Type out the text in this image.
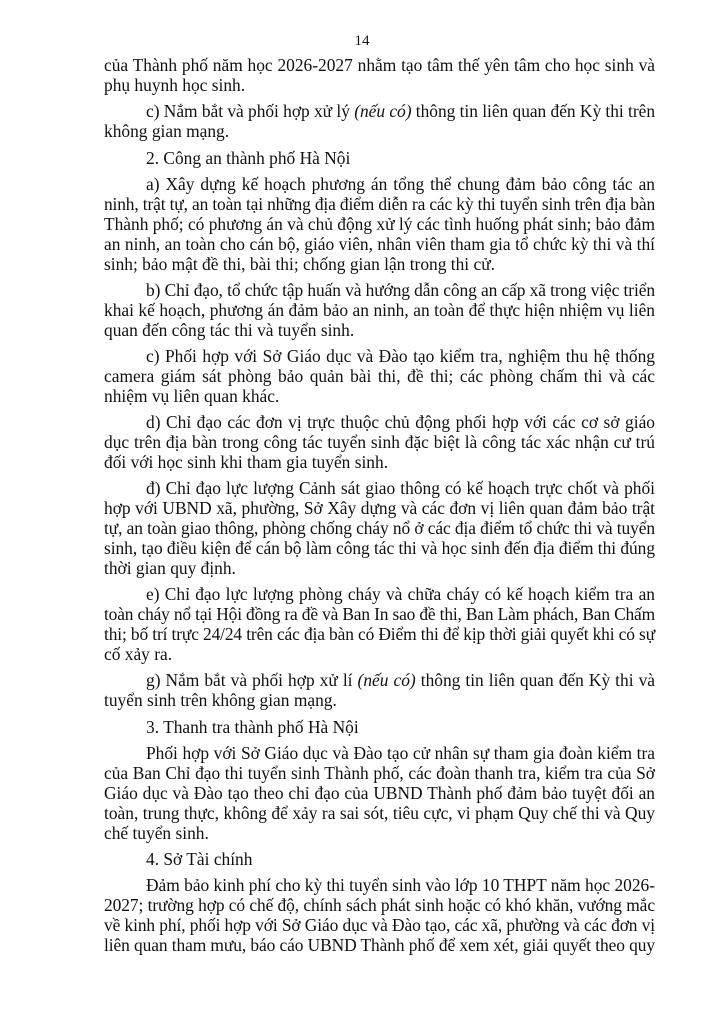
14

của Thành phố năm học 2026-2027 nhằm tạo tâm thế yên tâm cho học sinh và
phụ huynh học sinh.

c) Nắm bắt và phối hợp xử lý (nếu có) thông tin liên quan đến Kỳ thi trên
không gian mạng.

2. Công an thành phố Hà Nội

a) Xây dựng kế hoạch phương án tổng thể chung đảm bảo công tác an
ninh, trật tự, an toàn tại những địa điểm diễn ra các kỳ thi tuyển sinh trên địa bàn
Thành phố; có phương án và chủ động xử lý các tình huống phát sinh; bảo đảm
an ninh, an toàn cho cán bộ, giáo viên, nhân viên tham gia tổ chức kỳ thi và thí
sinh; bảo mật đề thi, bài thi; chống gian lận trong thi cử.

b) Chỉ đạo, tổ chức tập huấn và hướng dẫn công an cấp xã trong việc triển
khai kế hoạch, phương án đảm bảo an ninh, an toàn để thực hiện nhiệm vụ liên
quan đến công tác thi và tuyển sinh.

c) Phối hợp với Sở Giáo dục và Đào tạo kiểm tra, nghiệm thu hệ thống
camera giám sát phòng bảo quản bài thi, đề thi; các phòng chấm thi và các
nhiệm vụ liên quan khác.

d) Chỉ đạo các đơn vị trực thuộc chủ động phối hợp với các cơ sở giáo
dục trên địa bàn trong công tác tuyển sinh đặc biệt là công tác xác nhận cư trú
đối với học sinh khi tham gia tuyển sinh.

đ) Chỉ đạo lực lượng Cảnh sát giao thông có kế hoạch trực chốt và phối
hợp với UBND xã, phường, Sở Xây dựng và các đơn vị liên quan đảm bảo trật
tự, an toàn giao thông, phòng chống cháy nổ ở các địa điểm tổ chức thi và tuyển
sinh, tạo điều kiện để cán bộ làm công tác thi và học sinh đến địa điểm thi đúng
thời gian quy định.

e) Chỉ đạo lực lượng phòng cháy và chữa cháy có kế hoạch kiểm tra an
toàn cháy nổ tại Hội đồng ra đề và Ban In sao đề thi, Ban Làm phách, Ban Chấm
thi; bố trí trực 24/24 trên các địa bàn có Điểm thi để kịp thời giải quyết khi có sự
cố xảy ra.

g) Nắm bắt và phối hợp xử lí (nếu có) thông tin liên quan đến Kỳ thi và
tuyển sinh trên không gian mạng.

3. Thanh tra thành phố Hà Nội

Phối hợp với Sở Giáo dục và Đào tạo cử nhân sự tham gia đoàn kiểm tra
của Ban Chỉ đạo thi tuyển sinh Thành phố, các đoàn thanh tra, kiểm tra của Sở
Giáo dục và Đào tạo theo chỉ đạo của UBND Thành phố đảm bảo tuyệt đối an
toàn, trung thực, không để xảy ra sai sót, tiêu cực, vi phạm Quy chế thi và Quy
chế tuyển sinh.

4. Sở Tài chính

Đảm bảo kinh phí cho kỳ thi tuyển sinh vào lớp 10 THPT năm học 2026-
2027; trường hợp có chế độ, chính sách phát sinh hoặc có khó khăn, vướng mắc
về kinh phí, phối hợp với Sở Giáo dục và Đào tạo, các xã, phường và các đơn vị
liên quan tham mưu, báo cáo UBND Thành phố để xem xét, giải quyết theo quy
